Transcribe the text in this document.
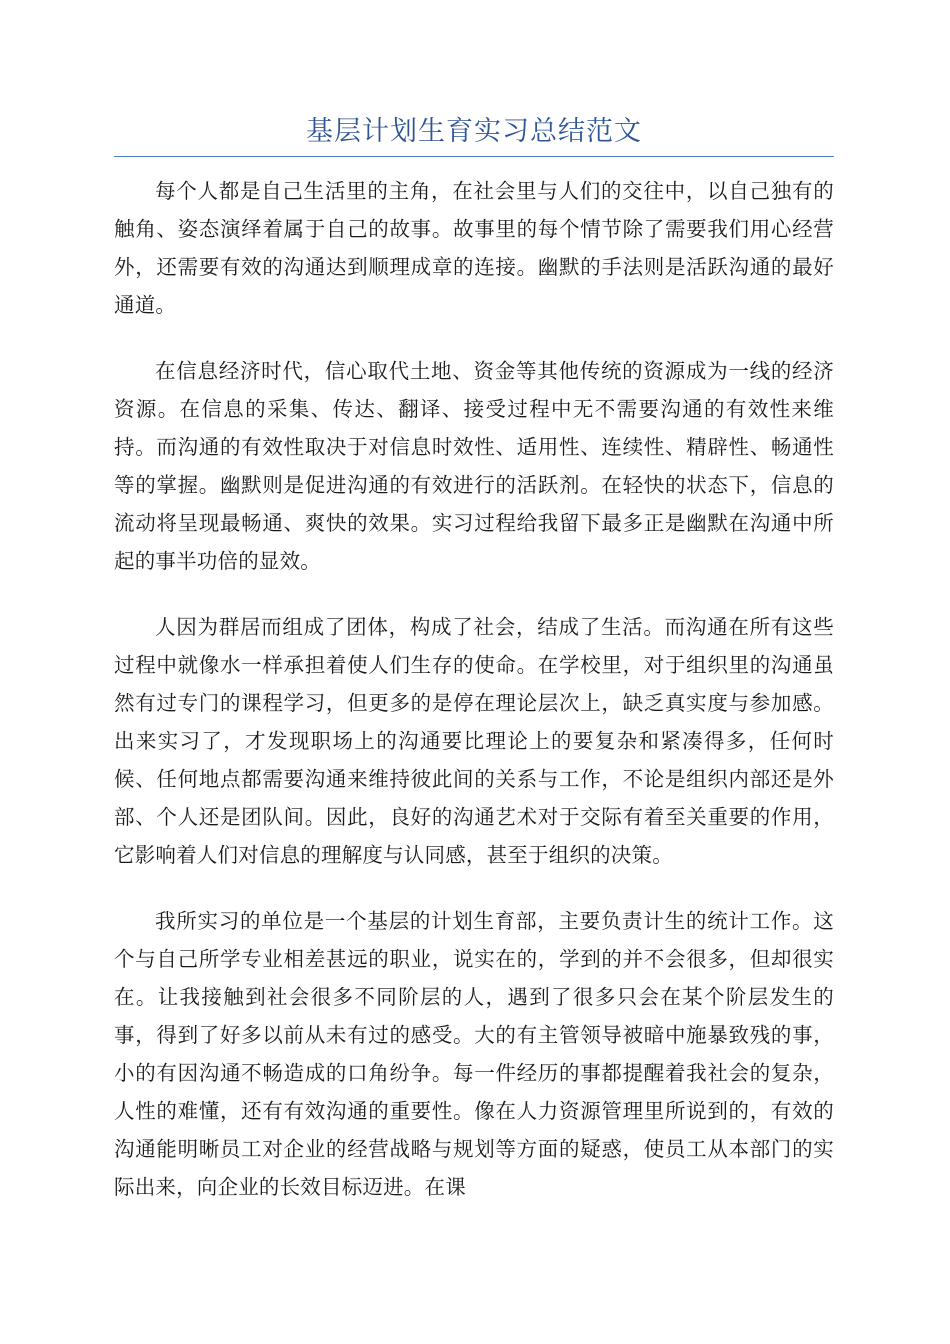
基层计划生育实习总结范文

每个人都是自己生活里的主角，在社会里与人们的交往中，以自己独有的触角、姿态演绎着属于自己的故事。故事里的每个情节除了需要我们用心经营外，还需要有效的沟通达到顺理成章的连接。幽默的手法则是活跃沟通的最好通道。

在信息经济时代，信心取代土地、资金等其他传统的资源成为一线的经济资源。在信息的采集、传达、翻译、接受过程中无不需要沟通的有效性来维持。而沟通的有效性取决于对信息时效性、适用性、连续性、精辟性、畅通性等的掌握。幽默则是促进沟通的有效进行的活跃剂。在轻快的状态下，信息的流动将呈现最畅通、爽快的效果。实习过程给我留下最多正是幽默在沟通中所起的事半功倍的显效。

人因为群居而组成了团体，构成了社会，结成了生活。而沟通在所有这些过程中就像水一样承担着使人们生存的使命。在学校里，对于组织里的沟通虽然有过专门的课程学习，但更多的是停在理论层次上，缺乏真实度与参加感。出来实习了，才发现职场上的沟通要比理论上的要复杂和紧凑得多，任何时候、任何地点都需要沟通来维持彼此间的关系与工作，不论是组织内部还是外部、个人还是团队间。因此，良好的沟通艺术对于交际有着至关重要的作用，它影响着人们对信息的理解度与认同感，甚至于组织的决策。

我所实习的单位是一个基层的计划生育部，主要负责计生的统计工作。这个与自己所学专业相差甚远的职业，说实在的，学到的并不会很多，但却很实在。让我接触到社会很多不同阶层的人，遇到了很多只会在某个阶层发生的事，得到了好多以前从未有过的感受。大的有主管领导被暗中施暴致残的事，小的有因沟通不畅造成的口角纷争。每一件经历的事都提醒着我社会的复杂，人性的难懂，还有有效沟通的重要性。像在人力资源管理里所说到的，有效的沟通能明晰员工对企业的经营战略与规划等方面的疑惑，使员工从本部门的实际出来，向企业的长效目标迈进。在课
